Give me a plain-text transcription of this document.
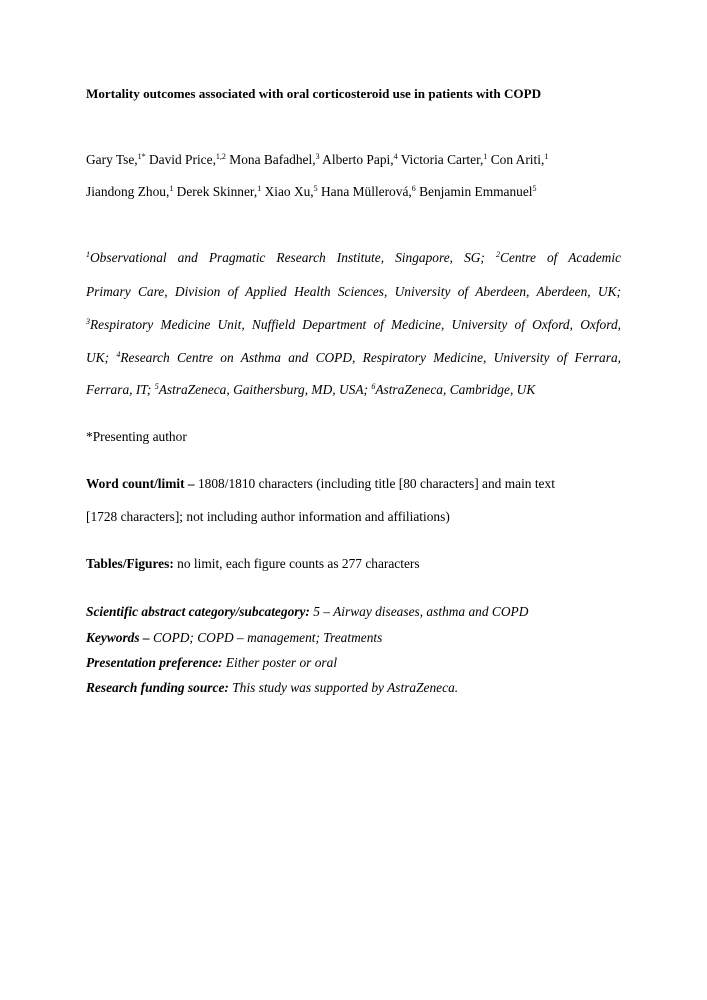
Mortality outcomes associated with oral corticosteroid use in patients with COPD
Gary Tse,$^{1*}$ David Price,$^{1,2}$ Mona Bafadhel,$^3$ Alberto Papi,$^4$ Victoria Carter,$^1$ Con Ariti,$^1$
Jiandong Zhou,$^1$ Derek Skinner,$^1$ Xiao Xu,$^5$ Hana Müllerová,$^6$ Benjamin Emmanuel$^5$
$^1$Observational and Pragmatic Research Institute, Singapore, SG; $^2$Centre of Academic
Primary Care, Division of Applied Health Sciences, University of Aberdeen, Aberdeen, UK;
$^3$Respiratory Medicine Unit, Nuffield Department of Medicine, University of Oxford, Oxford,
UK; $^4$Research Centre on Asthma and COPD, Respiratory Medicine, University of Ferrara,
Ferrara, IT; $^5$AstraZeneca, Gaithersburg, MD, USA; $^6$AstraZeneca, Cambridge, UK
*Presenting author
Word count/limit – 1808/1810 characters (including title [80 characters] and main text
[1728 characters]; not including author information and affiliations)
Tables/Figures: no limit, each figure counts as 277 characters
Scientific abstract category/subcategory: 5 – Airway diseases, asthma and COPD
Keywords – COPD; COPD – management; Treatments
Presentation preference: Either poster or oral
Research funding source: This study was supported by AstraZeneca.
